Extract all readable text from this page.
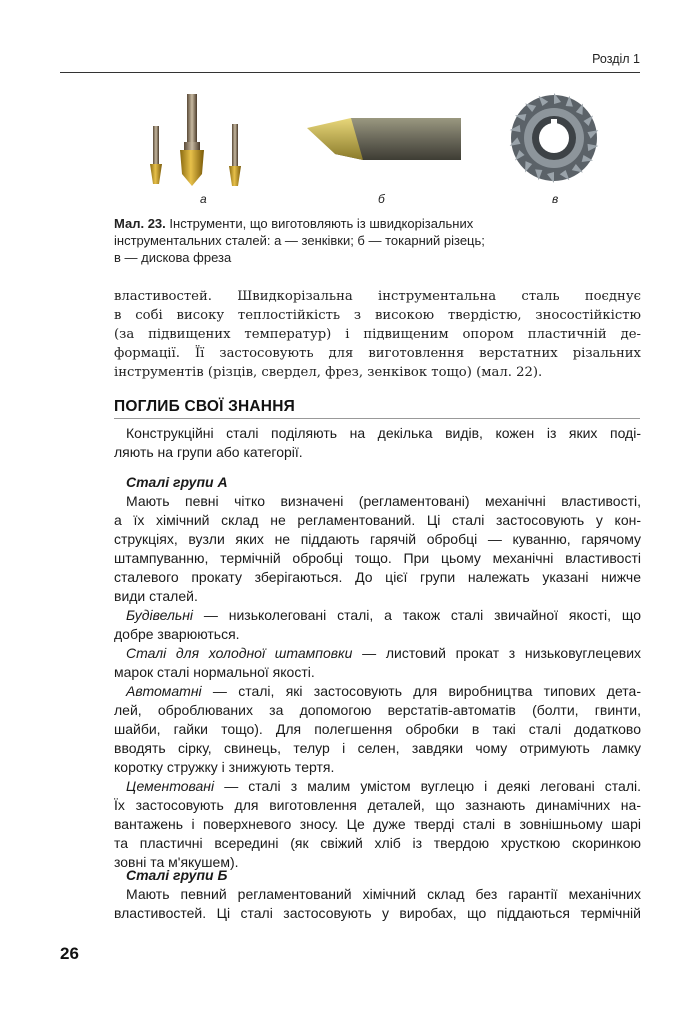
Розділ 1
а	б	в
Мал. 23. Інструменти, що виготовляють із швидкорізальних
інструментальних сталей: а — зенківки; б — токарний різець;
в — дискова фреза
властивостей. Швидкорізальна інструментальна сталь поєднує
в собі високу теплостійкість з високою твердістю, зносостійкістю
(за підвищених температур) і підвищеним опором пластичній де-
формації. Її застосовують для виготовлення верстатних різальних
інструментів (різців, свердел, фрез, зенківок тощо) (мал. 22).
ПОГЛИБ СВОЇ ЗНАННЯ
Конструкційні сталі поділяють на декілька видів, кожен із яких поді-
ляють на групи або категорії.
Сталі групи А
Мають певні чітко визначені (регламентовані) механічні властивості,
а їх хімічний склад не регламентований. Ці сталі застосовують у кон-
струкціях, вузли яких не піддають гарячій обробці — куванню, гарячому
штампуванню, термічній обробці тощо. При цьому механічні властивості
сталевого прокату зберігаються. До цієї групи належать указані нижче
види сталей.
Будівельні — низьколеговані сталі, а також сталі звичайної якості, що
добре зварюються.
Сталі для холодної штамповки — листовий прокат з низьковуглецевих
марок сталі нормальної якості.
Автоматні — сталі, які застосовують для виробництва типових дета-
лей, оброблюваних за допомогою верстатів-автоматів (болти, гвинти,
шайби, гайки тощо). Для полегшення обробки в такі сталі додатково
вводять сірку, свинець, телур і селен, завдяки чому отримують ламку
коротку стружку і знижують тертя.
Цементовані — сталі з малим умістом вуглецю і деякі леговані сталі.
Їх застосовують для виготовлення деталей, що зазнають динамічних на-
вантажень і поверхневого зносу. Це дуже тверді сталі в зовнішньому шарі
та пластичні всередині (як свіжий хліб із твердою хрусткою скоринкою
зовні та м'якушем).
Сталі групи Б
Мають певний регламентований хімічний склад без гарантії механічних
властивостей. Ці сталі застосовують у виробах, що піддаються термічній
26
